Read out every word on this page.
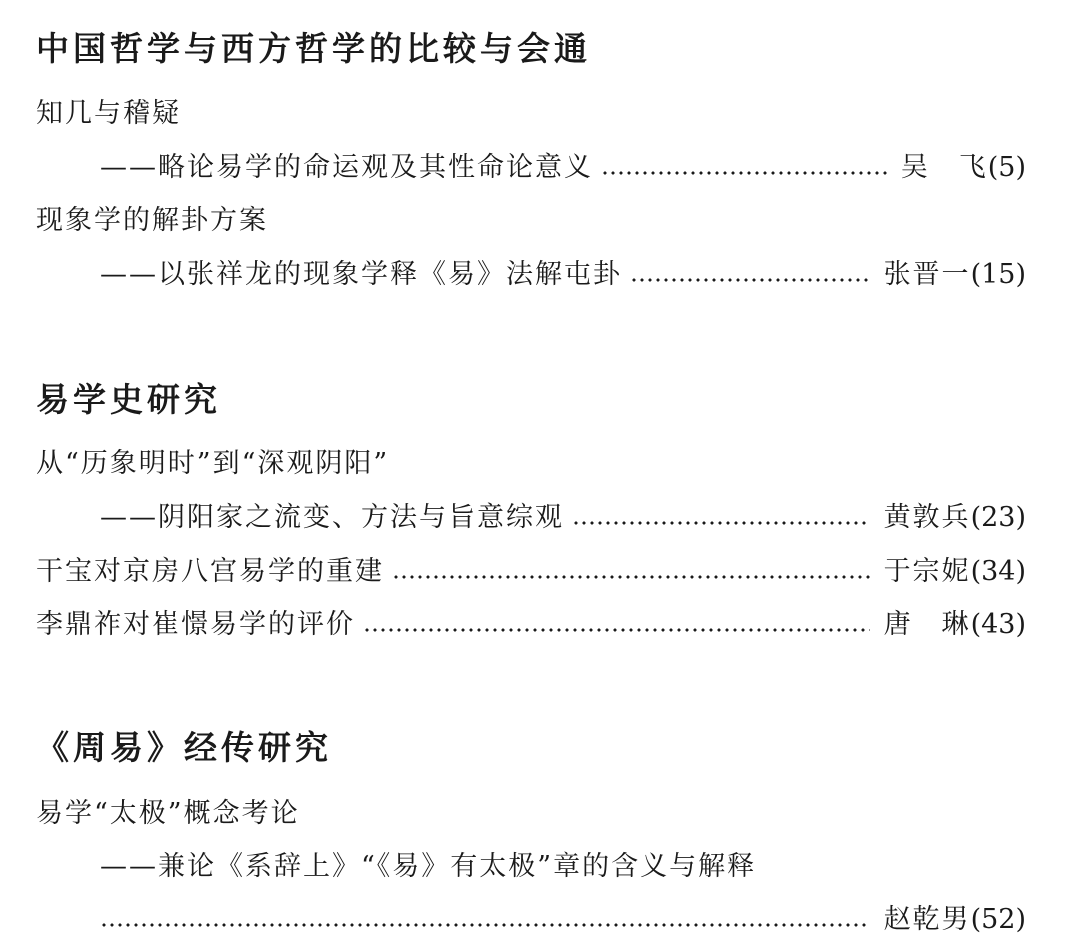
中国哲学与西方哲学的比较与会通
知几与稽疑
——略论易学的命运观及其性命论意义	吴　飞 (5)
现象学的解卦方案
——以张祥龙的现象学释《易》法解屯卦	张晋一 (15)
易学史研究
从“历象明时”到“深观阴阳”
——阴阳家之流变、方法与旨意综观	黄敦兵 (23)
干宝对京房八宫易学的重建	于宗妮 (34)
李鼎祚对崔憬易学的评价	唐　琳 (43)
《周易》经传研究
易学“太极”概念考论
——兼论《系辞上》“《易》有太极”章的含义与解释
赵乾男 (52)
